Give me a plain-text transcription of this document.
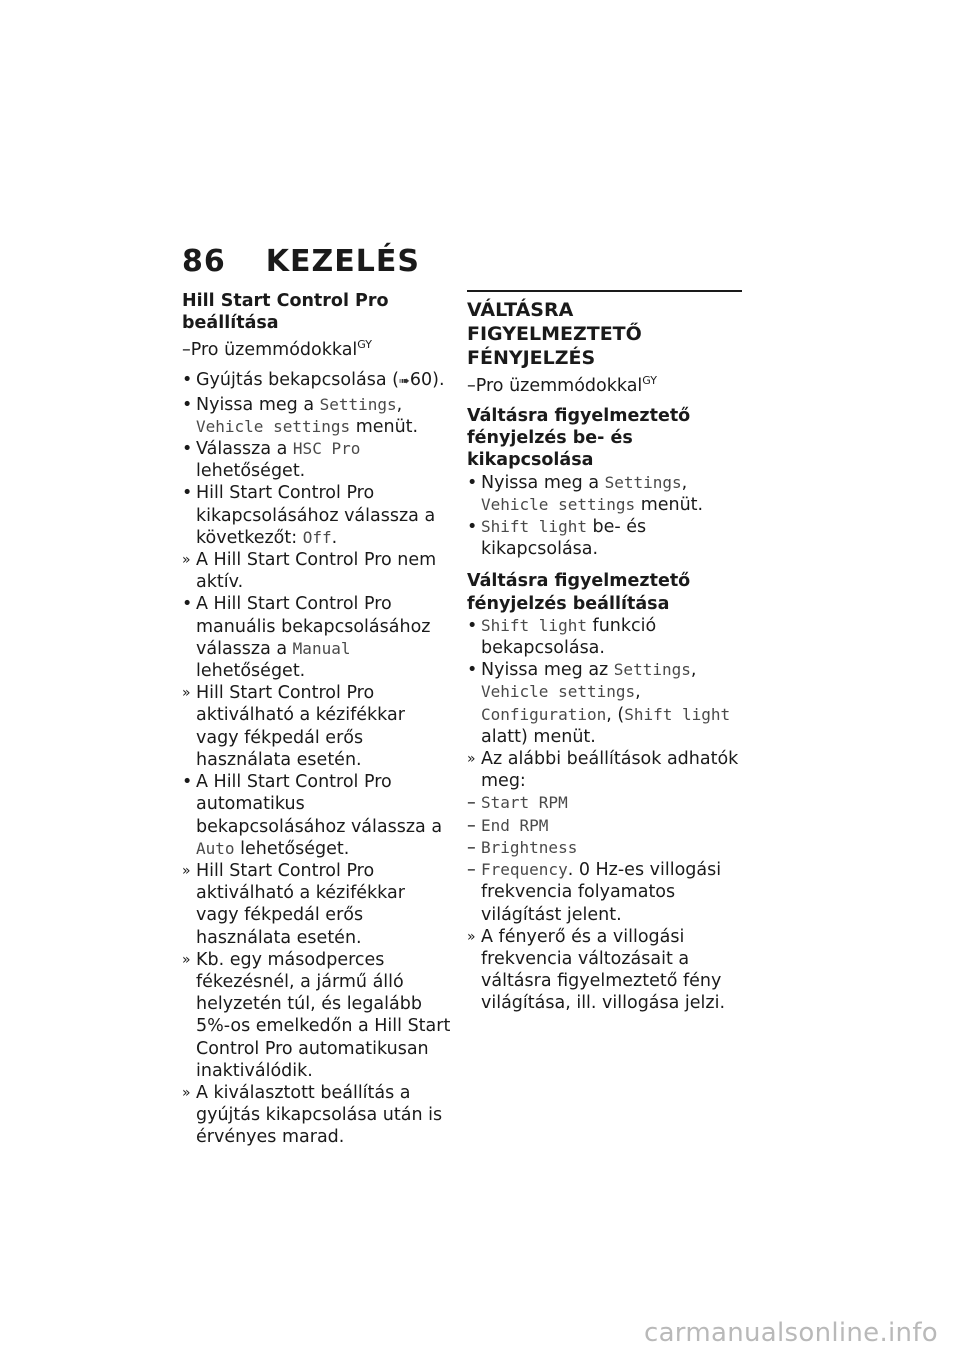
86 KEZELÉS

Hill Start Control Pro beállítása

–Pro üzemmódokkal$^{GY}$

• Gyújtás bekapcsolása (➠60).

• Nyissa meg a Settings, Vehicle settings menüt.

• Válassza a HSC Pro lehetőséget.

• Hill Start Control Pro kikapcsolásához válassza a következőt: Off.

» A Hill Start Control Pro nem aktív.

• A Hill Start Control Pro manuális bekapcsolásához válassza a Manual lehetőséget.

» Hill Start Control Pro aktiválható a kézifékkar vagy fékpedál erős használata esetén.

• A Hill Start Control Pro automatikus bekapcsolásához válassza a Auto lehetőséget.

» Hill Start Control Pro aktiválható a kézifékkar vagy fékpedál erős használata esetén.

» Kb. egy másodperces fékezésnél, a jármű álló helyzetén túl, és legalább 5%-os emelkedőn a Hill Start Control Pro automatikusan inaktiválódik.

» A kiválasztott beállítás a gyújtás kikapcsolása után is érvényes marad.

VÁLTÁSRA FIGYELMEZTETŐ FÉNYJELZÉS

–Pro üzemmódokkal$^{GY}$

Váltásra figyelmeztető fényjelzés be- és kikapcsolása

• Nyissa meg a Settings, Vehicle settings menüt.

• Shift light be- és kikapcsolása.

Váltásra figyelmeztető fényjelzés beállítása

• Shift light funkció bekapcsolása.

• Nyissa meg az Settings, Vehicle settings, Configuration, (Shift light alatt) menüt.

» Az alábbi beállítások adhatók meg:

– Start RPM

– End RPM

– Brightness

– Frequency. 0 Hz-es villogási frekvencia folyamatos világítást jelent.

» A fényerő és a villogási frekvencia változásait a váltásra figyelmeztető fény világítása, ill. villogása jelzi.

carmanualsonline.info
